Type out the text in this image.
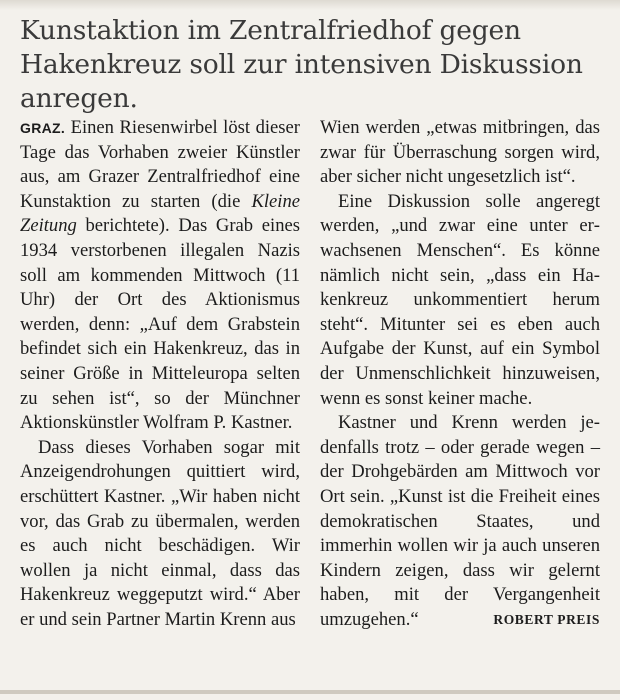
Kunstaktion im Zentralfriedhof gegen Hakenkreuz soll zur intensiven Diskussion anregen.

GRAZ. Einen Riesenwirbel löst dieser Tage das Vorhaben zweier Künstler aus, am Grazer Zentralfriedhof eine Kunstaktion zu starten (die Kleine Zeitung berichtete). Das Grab eines 1934 verstorbenen illegalen Nazis soll am kommenden Mittwoch (11 Uhr) der Ort des Aktionismus werden, denn: „Auf dem Grabstein befindet sich ein Hakenkreuz, das in seiner Größe in Mitteleuropa selten zu sehen ist“, so der Münchner Aktionskünstler Wolfram P. Kastner.

Dass dieses Vorhaben sogar mit Anzeigendrohungen quittiert wird, erschüttert Kastner. „Wir haben nicht vor, das Grab zu übermalen, werden es auch nicht beschädigen. Wir wollen ja nicht einmal, dass das Hakenkreuz weggeputzt wird.“ Aber er und sein Partner Martin Krenn aus

Wien werden „etwas mitbringen, das zwar für Überraschung sorgen wird, aber sicher nicht ungesetzlich ist“.

Eine Diskussion solle angeregt werden, „und zwar eine unter erwachsenen Menschen“. Es könne nämlich nicht sein, „dass ein Hakenkreuz unkommentiert herum steht“. Mitunter sei es eben auch Aufgabe der Kunst, auf ein Symbol der Unmenschlichkeit hinzuweisen, wenn es sonst keiner mache.

Kastner und Krenn werden jedenfalls trotz – oder gerade wegen – der Drohgebärden am Mittwoch vor Ort sein. „Kunst ist die Freiheit eines demokratischen Staates, und immerhin wollen wir ja auch unseren Kindern zeigen, dass wir gelernt haben, mit der Vergangenheit umzugehen.“	ROBERT PREIS
